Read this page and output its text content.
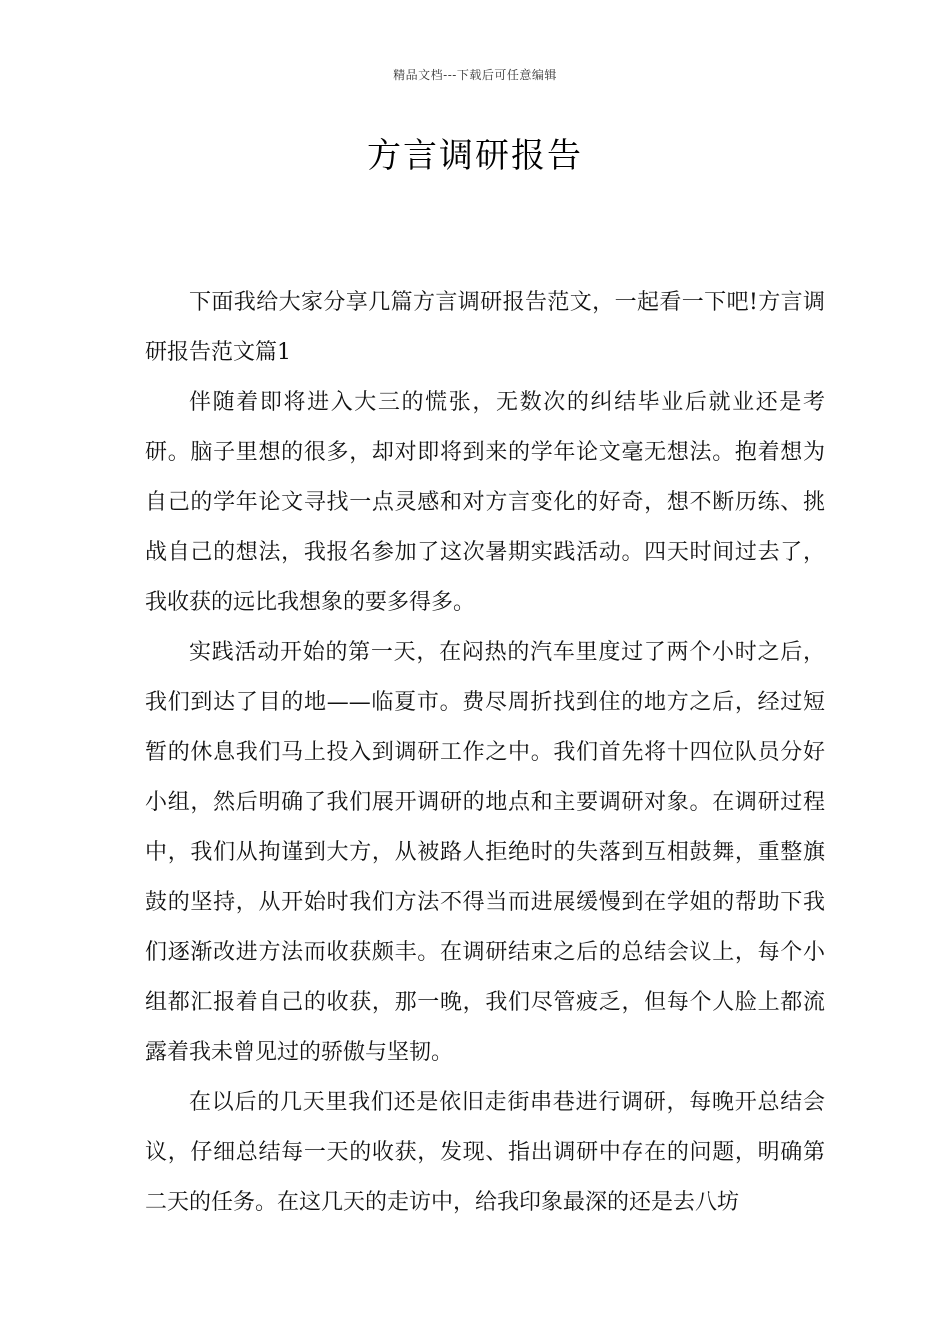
精品文档---下载后可任意编辑
方言调研报告

下面我给大家分享几篇方言调研报告范文，一起看一下吧!方言调研报告范文篇1

伴随着即将进入大三的慌张，无数次的纠结毕业后就业还是考研。脑子里想的很多，却对即将到来的学年论文毫无想法。抱着想为自己的学年论文寻找一点灵感和对方言变化的好奇，想不断历练、挑战自己的想法，我报名参加了这次暑期实践活动。四天时间过去了，我收获的远比我想象的要多得多。

实践活动开始的第一天，在闷热的汽车里度过了两个小时之后，我们到达了目的地——临夏市。费尽周折找到住的地方之后，经过短暂的休息我们马上投入到调研工作之中。我们首先将十四位队员分好小组，然后明确了我们展开调研的地点和主要调研对象。在调研过程中，我们从拘谨到大方，从被路人拒绝时的失落到互相鼓舞，重整旗鼓的坚持，从开始时我们方法不得当而进展缓慢到在学姐的帮助下我们逐渐改进方法而收获颇丰。在调研结束之后的总结会议上，每个小组都汇报着自己的收获，那一晚，我们尽管疲乏，但每个人脸上都流露着我未曾见过的骄傲与坚韧。

在以后的几天里我们还是依旧走街串巷进行调研，每晚开总结会议，仔细总结每一天的收获，发现、指出调研中存在的问题，明确第二天的任务。在这几天的走访中，给我印象最深的还是去八坊
